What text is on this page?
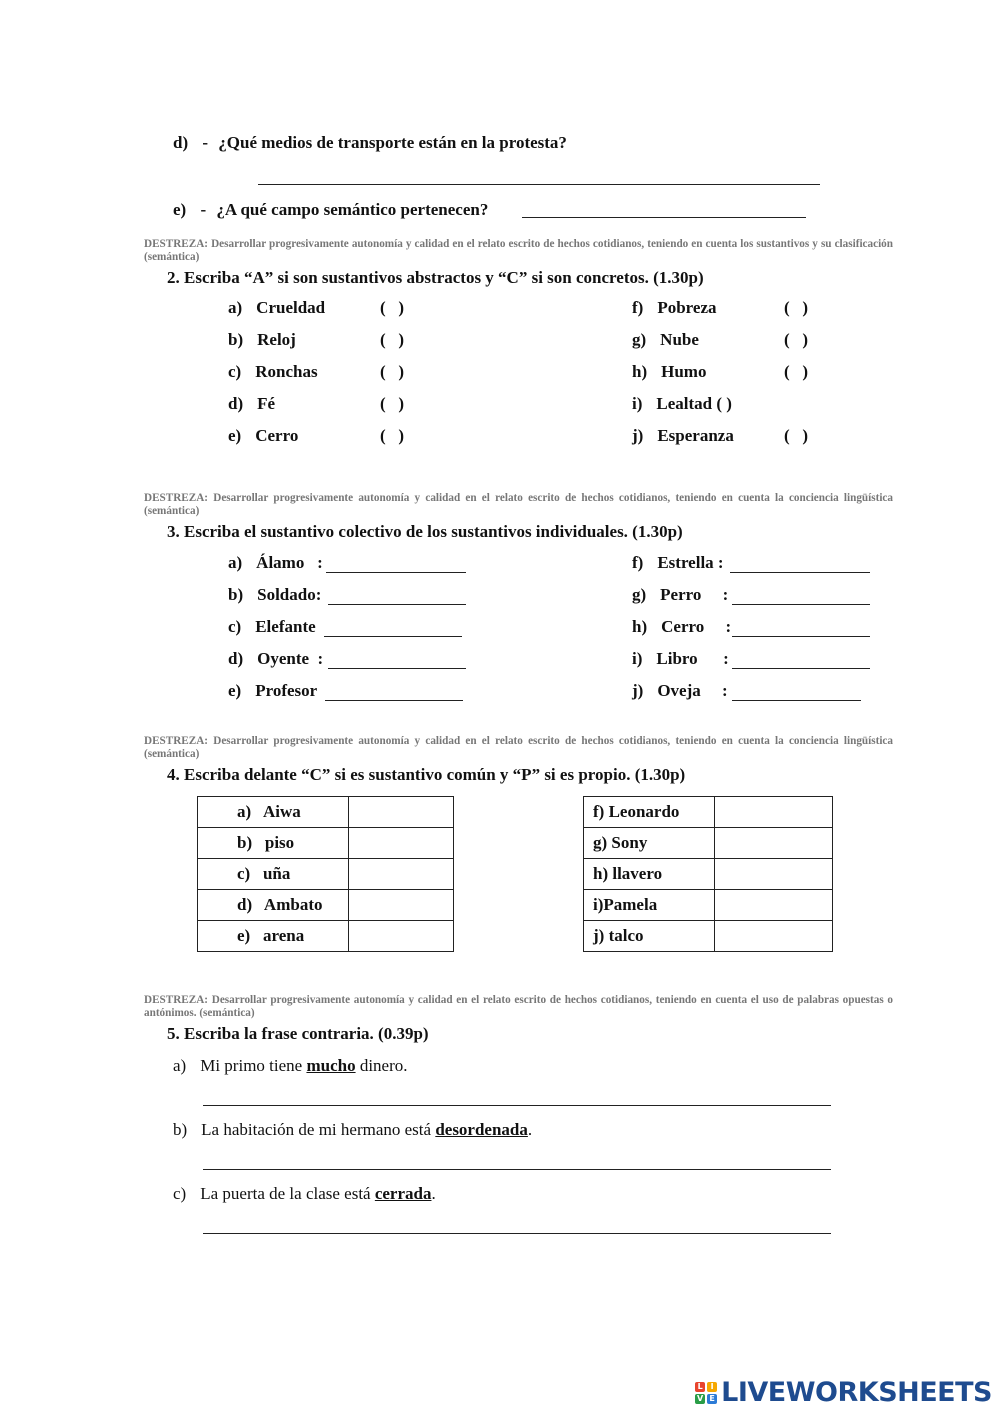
d) - ¿Qué medios de transporte están en la protesta?
e) - ¿A qué campo semántico pertenecen?
DESTREZA: Desarrollar progresivamente autonomía y calidad en el relato escrito de hechos cotidianos, teniendo en cuenta los sustantivos y su clasificación (semántica)
2. Escriba “A” si son sustantivos abstractos y “C” si son concretos. (1.30p)
a) Crueldad	(   )
b) Reloj	(   )
c) Ronchas	(   )
d) Fé	(   )
e) Cerro	(   )
f) Pobreza	(   )
g) Nube	(   )
h) Humo	(   )
i) Lealtad ( )
j) Esperanza	(   )
DESTREZA: Desarrollar progresivamente autonomía y calidad en el relato escrito de hechos cotidianos, teniendo en cuenta la conciencia lingüística (semántica)
3. Escriba el sustantivo colectivo de los sustantivos individuales. (1.30p)
a) Álamo   :
b) Soldado:
c) Elefante
d) Oyente  :
e) Profesor
f) Estrella :
g) Perro     :
h) Cerro     :
i) Libro      :
j) Oveja     :
DESTREZA: Desarrollar progresivamente autonomía y calidad en el relato escrito de hechos cotidianos, teniendo en cuenta la conciencia lingüística (semántica)
4. Escriba delante “C” si es sustantivo común y “P” si es propio. (1.30p)
a)   Aiwa	
b)   piso	
c)   uña	
d)   Ambato	
e)   arena	
f) Leonardo	
g) Sony	
h) llavero	
i)Pamela	
j) talco	
DESTREZA: Desarrollar progresivamente autonomía y calidad en el relato escrito de hechos cotidianos, teniendo en cuenta el uso de palabras opuestas o antónimos. (semántica)
5. Escriba la frase contraria. (0.39p)
a) Mi primo tiene mucho dinero.
b) La habitación de mi hermano está desordenada.
c) La puerta de la clase está cerrada.
L I
V E LIVEWORKSHEETS
